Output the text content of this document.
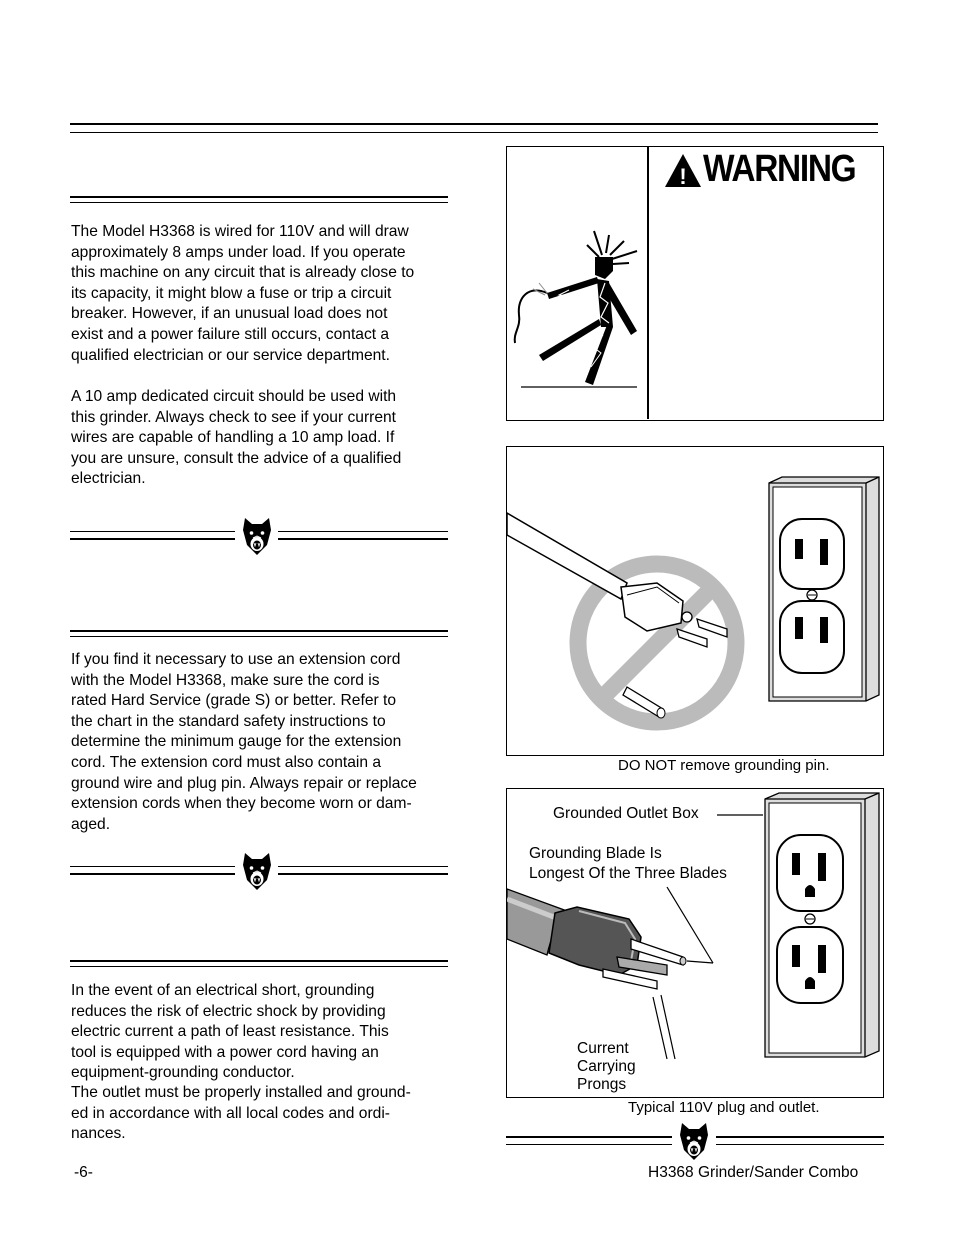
The Model H3368 is wired for 110V and will draw
approximately 8 amps under load. If you operate
this machine on any circuit that is already close to
its capacity, it might blow a fuse or trip a circuit
breaker. However, if an unusual load does not
exist and a power failure still occurs, contact a
qualified electrician or our service department.
A 10 amp dedicated circuit should be used with
this grinder. Always check to see if your current
wires are capable of handling a 10 amp load. If
you are unsure, consult the advice of a qualified
electrician.
If you find it necessary to use an extension cord
with the Model H3368, make sure the cord is
rated Hard Service (grade S) or better. Refer to
the chart in the standard safety instructions to
determine the minimum gauge for the extension
cord. The extension cord must also contain a
ground wire and plug pin. Always repair or replace
extension cords when they become worn or dam-
aged.
In the event of an electrical short, grounding
reduces the risk of electric shock by providing
electric current a path of least resistance. This
tool is equipped with a power cord having an
equipment-grounding conductor.
The outlet must be properly installed and ground-
ed in accordance with all local codes and ordi-
nances.
! WARNING
DO NOT remove grounding pin.
Grounded Outlet Box
Grounding Blade Is
Longest Of the Three Blades
Current
Carrying
Prongs
Typical 110V plug and outlet.
-6-	H3368 Grinder/Sander Combo
